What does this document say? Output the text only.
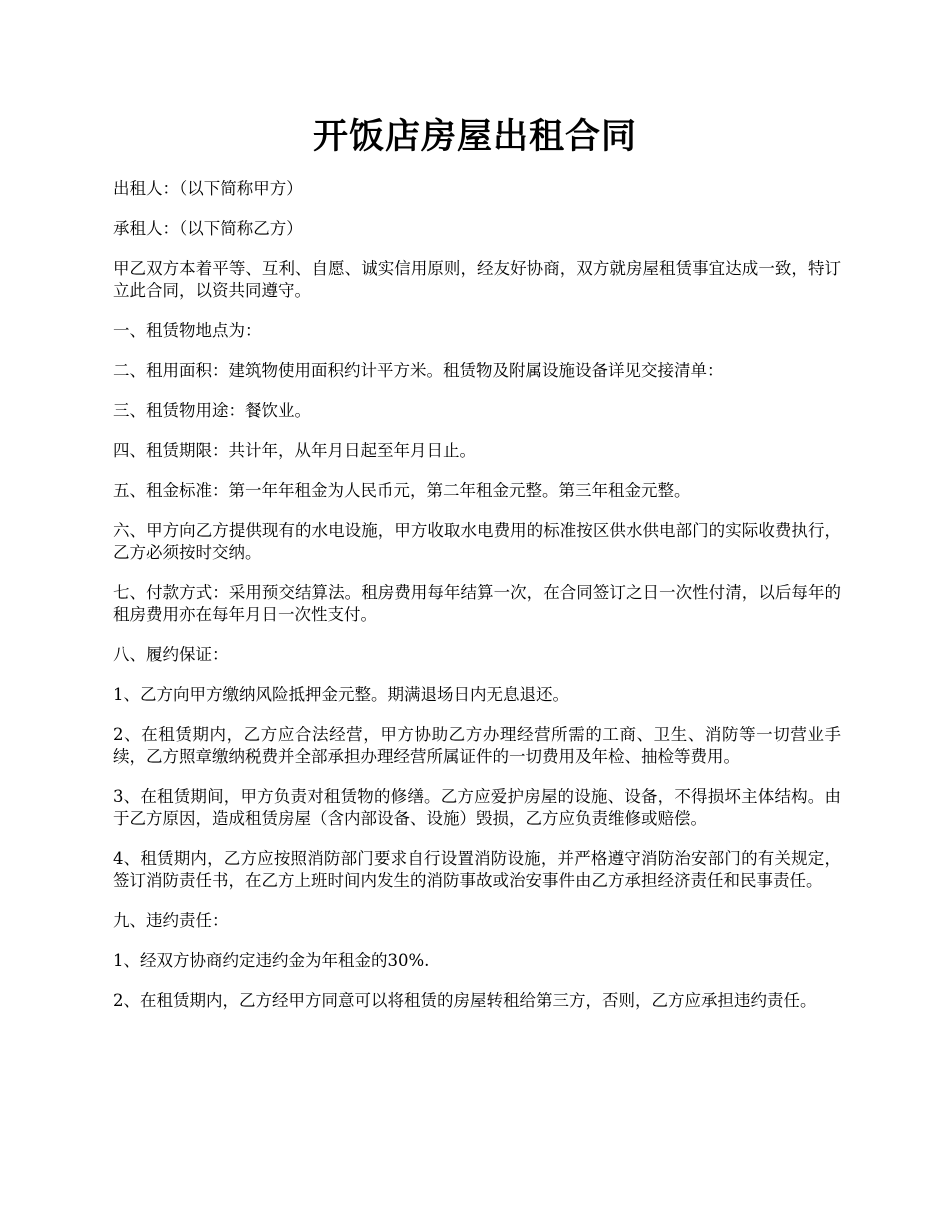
开饭店房屋出租合同

出租人：（以下简称甲方）

承租人：（以下简称乙方）

甲乙双方本着平等、互利、自愿、诚实信用原则，经友好协商，双方就房屋租赁事宜达成一致，特订立此合同，以资共同遵守。

一、租赁物地点为：

二、租用面积：建筑物使用面积约计平方米。租赁物及附属设施设备详见交接清单：

三、租赁物用途：餐饮业。

四、租赁期限：共计年，从年月日起至年月日止。

五、租金标准：第一年年租金为人民币元，第二年租金元整。第三年租金元整。

六、甲方向乙方提供现有的水电设施，甲方收取水电费用的标准按区供水供电部门的实际收费执行，乙方必须按时交纳。

七、付款方式：采用预交结算法。租房费用每年结算一次，在合同签订之日一次性付清，以后每年的租房费用亦在每年月日一次性支付。

八、履约保证：

1、乙方向甲方缴纳风险抵押金元整。期满退场日内无息退还。

2、在租赁期内，乙方应合法经营，甲方协助乙方办理经营所需的工商、卫生、消防等一切营业手续，乙方照章缴纳税费并全部承担办理经营所属证件的一切费用及年检、抽检等费用。

3、在租赁期间，甲方负责对租赁物的修缮。乙方应爱护房屋的设施、设备，不得损坏主体结构。由于乙方原因，造成租赁房屋（含内部设备、设施）毁损，乙方应负责维修或赔偿。

4、租赁期内，乙方应按照消防部门要求自行设置消防设施，并严格遵守消防治安部门的有关规定，签订消防责任书，在乙方上班时间内发生的消防事故或治安事件由乙方承担经济责任和民事责任。

九、违约责任：

1、经双方协商约定违约金为年租金的30%.

2、在租赁期内，乙方经甲方同意可以将租赁的房屋转租给第三方，否则，乙方应承担违约责任。
